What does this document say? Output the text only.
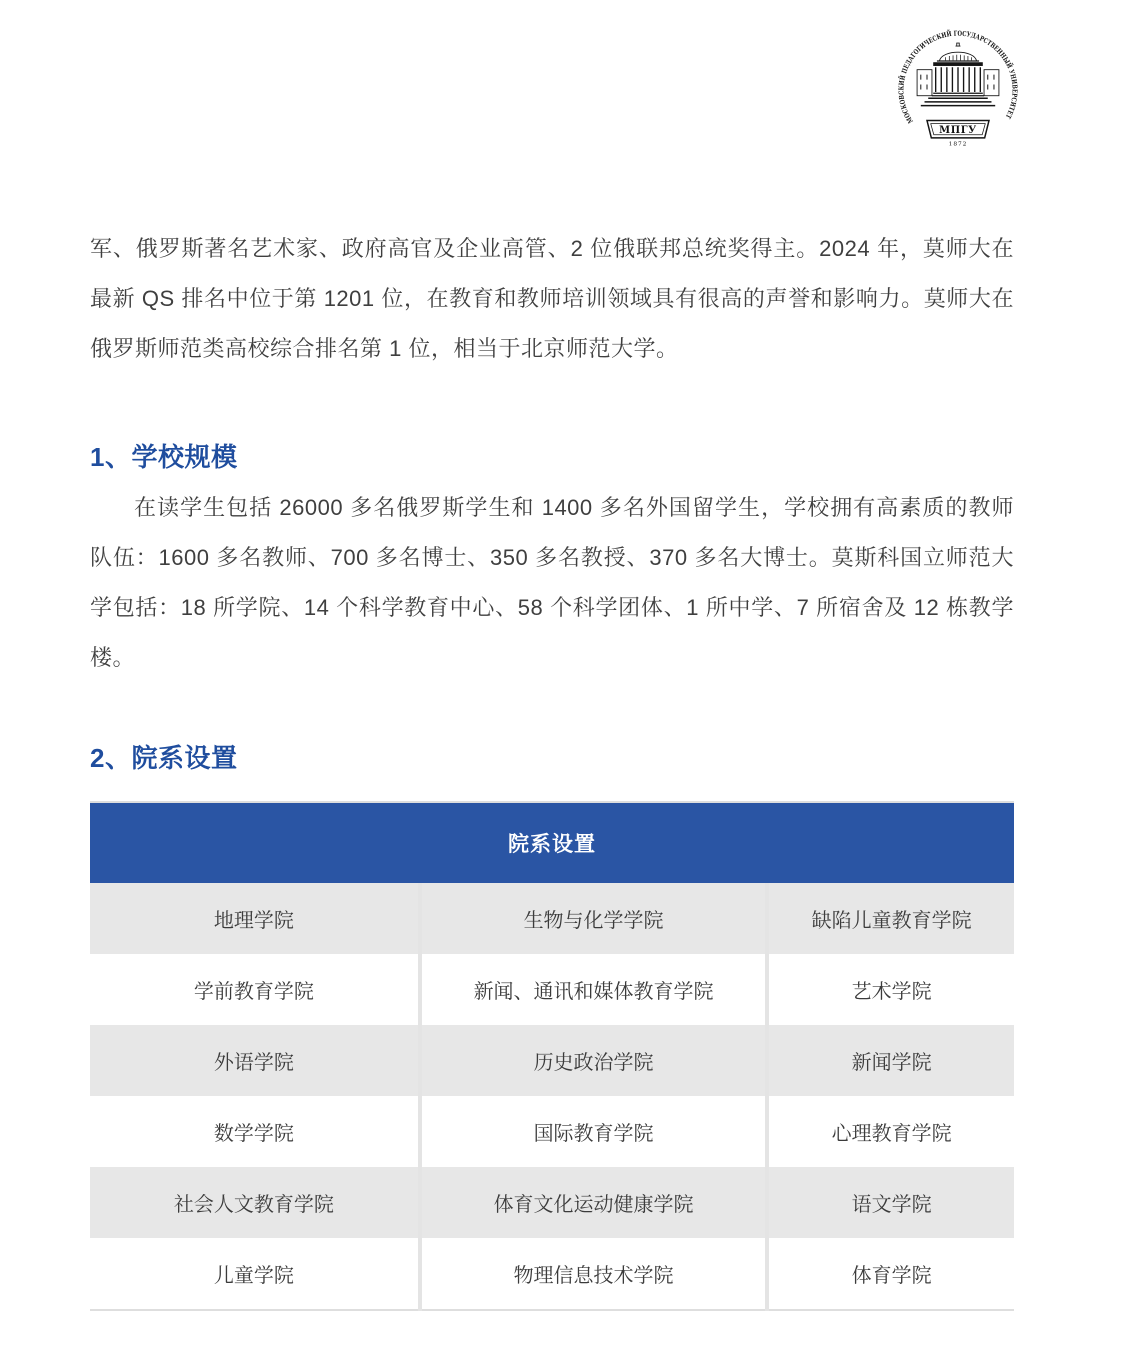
МОСКОВСКИЙ ПЕДАГОГИЧЕСКИЙ ГОСУДАРСТВЕННЫЙ УНИВЕРСИТЕТ
МПГУ
1872

军、俄罗斯著名艺术家、政府高官及企业高管、2 位俄联邦总统奖得主。2024 年，莫师大在最新 QS 排名中位于第 1201 位，在教育和教师培训领域具有很高的声誉和影响力。莫师大在俄罗斯师范类高校综合排名第 1 位，相当于北京师范大学。

1、学校规模

在读学生包括 26000 多名俄罗斯学生和 1400 多名外国留学生，学校拥有高素质的教师队伍：1600 多名教师、700 多名博士、350 多名教授、370 多名大博士。莫斯科国立师范大学包括：18 所学院、14 个科学教育中心、58 个科学团体、1 所中学、7 所宿舍及 12 栋教学楼。

2、院系设置
院系设置		
地理学院	生物与化学学院	缺陷儿童教育学院
学前教育学院	新闻、通讯和媒体教育学院	艺术学院
外语学院	历史政治学院	新闻学院
数学学院	国际教育学院	心理教育学院
社会人文教育学院	体育文化运动健康学院	语文学院
儿童学院	物理信息技术学院	体育学院
